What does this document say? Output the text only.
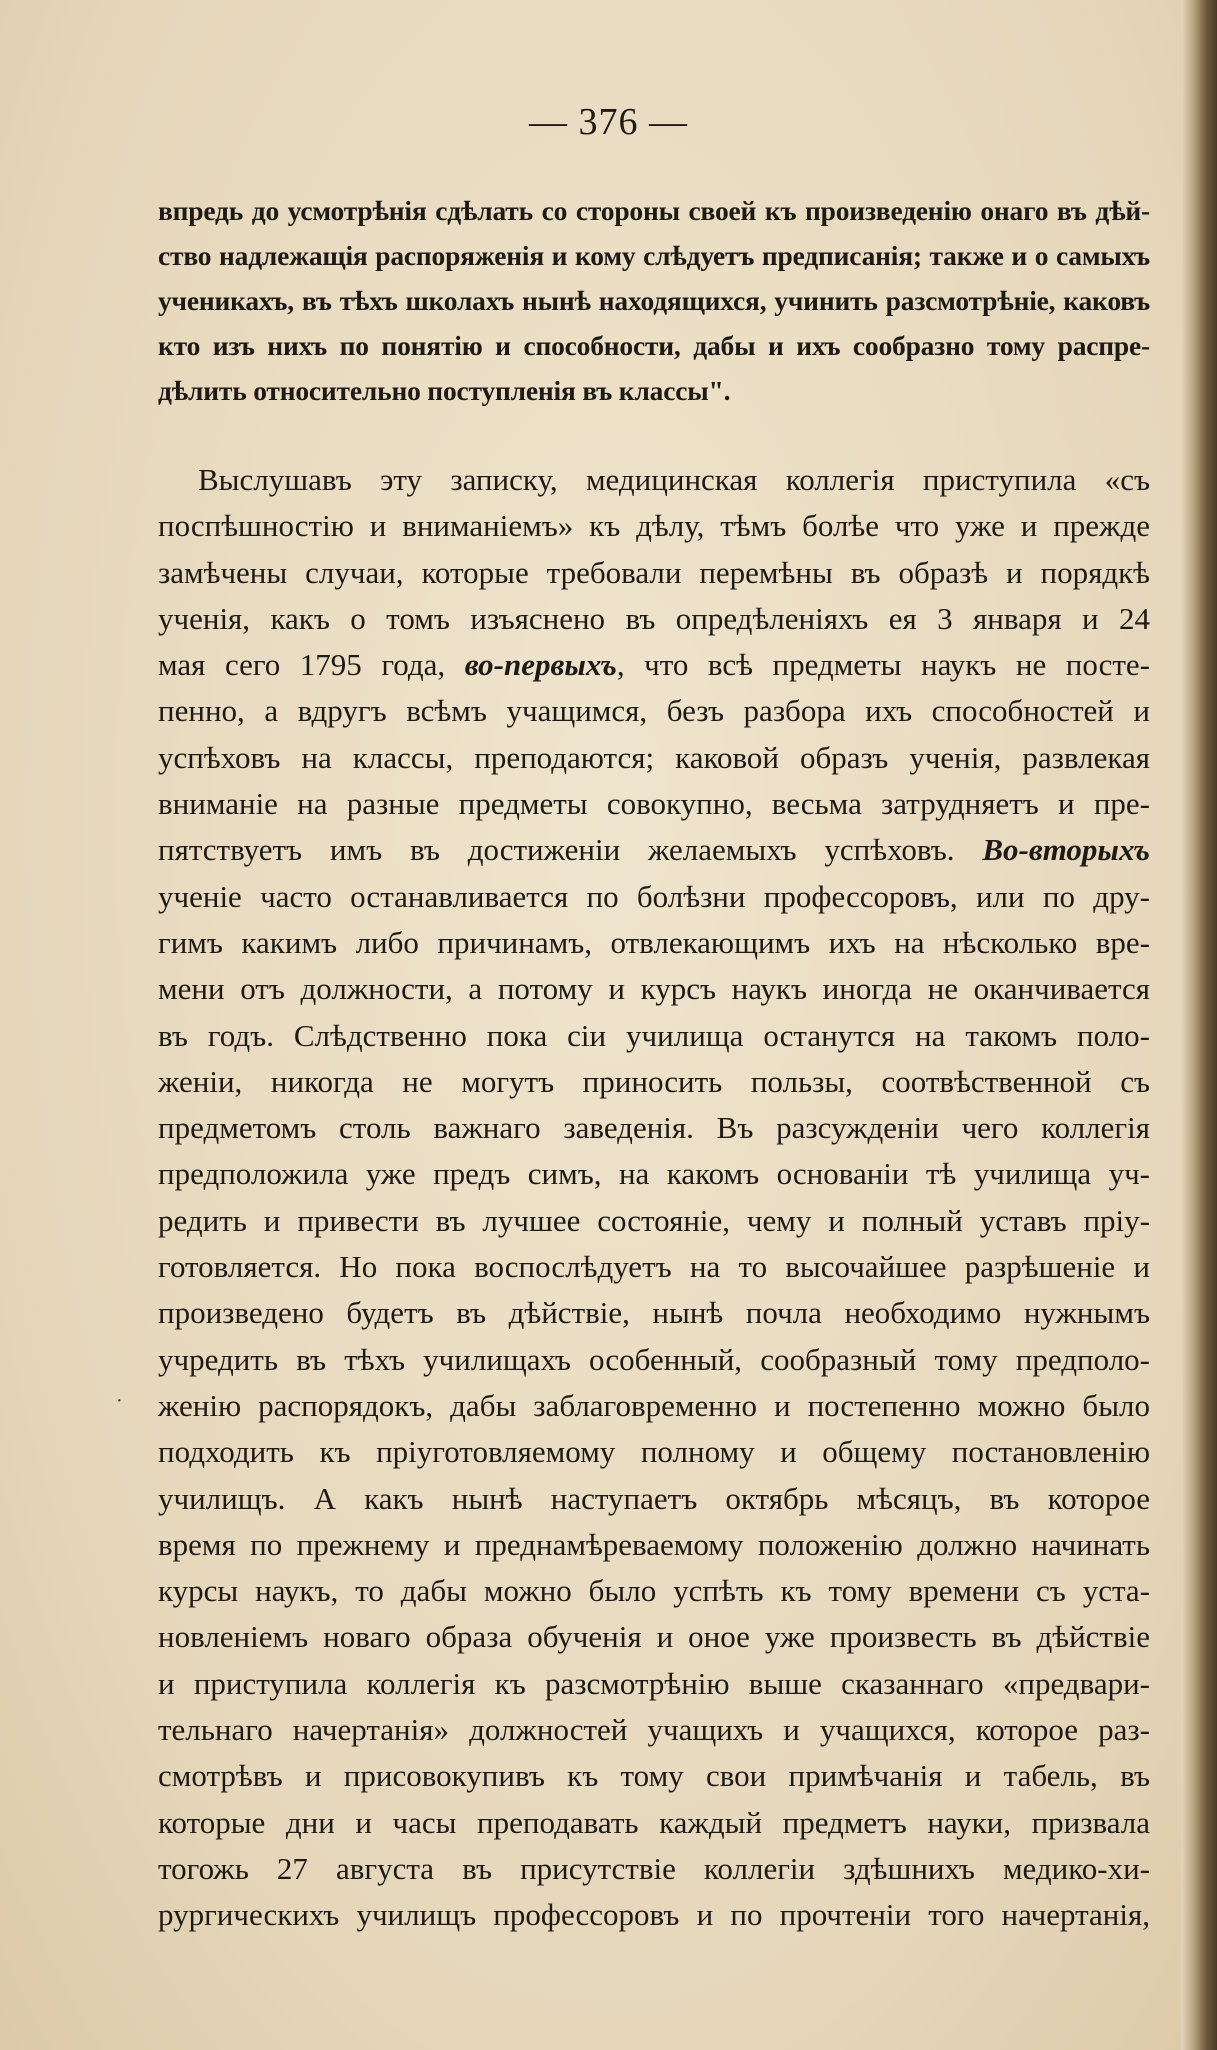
— 376 —
впредь до усмотрѣнія сдѣлать со стороны своей къ произведенію онаго въ дѣй-
ство надлежащія распоряженія и кому слѣдуетъ предписанія; также и о самыхъ
ученикахъ, въ тѣхъ школахъ нынѣ находящихся, учинить разсмотрѣніе, каковъ
кто изъ нихъ по понятію и способности, дабы и ихъ сообразно тому распре-
дѣлить относительно поступленія въ классы".
Выслушавъ эту записку, медицинская коллегія приступила «съ
поспѣшностію и вниманіемъ» къ дѣлу, тѣмъ болѣе что уже и прежде
замѣчены случаи, которые требовали перемѣны въ образѣ и порядкѣ
ученія, какъ о томъ изъяснено въ опредѣленіяхъ ея 3 января и 24
мая сего 1795 года, во-первыхъ, что всѣ предметы наукъ не посте-
пенно, а вдругъ всѣмъ учащимся, безъ разбора ихъ способностей и
успѣховъ на классы, преподаются; каковой образъ ученія, развлекая
вниманіе на разные предметы совокупно, весьма затрудняетъ и пре-
пятствуетъ имъ въ достиженіи желаемыхъ успѣховъ. Во-вторыхъ
ученіе часто останавливается по болѣзни профессоровъ, или по дру-
гимъ какимъ либо причинамъ, отвлекающимъ ихъ на нѣсколько вре-
мени отъ должности, а потому и курсъ наукъ иногда не оканчивается
въ годъ. Слѣдственно пока сіи училища останутся на такомъ поло-
женіи, никогда не могутъ приносить пользы, соотвѣственной съ
предметомъ столь важнаго заведенія. Въ разсужденіи чего коллегія
предположила уже предъ симъ, на какомъ основаніи тѣ училища уч-
редить и привести въ лучшее состояніе, чему и полный уставъ пріу-
готовляется. Но пока воспослѣдуетъ на то высочайшее разрѣшеніе и
произведено будетъ въ дѣйствіе, нынѣ почла необходимо нужнымъ
учредить въ тѣхъ училищахъ особенный, сообразный тому предполо-
женію распорядокъ, дабы заблаговременно и постепенно можно было
подходить къ пріуготовляемому полному и общему постановленію
училищъ. А какъ нынѣ наступаетъ октябрь мѣсяцъ, въ которое
время по прежнему и преднамѣреваемому положенію должно начинать
курсы наукъ, то дабы можно было успѣть къ тому времени съ уста-
новленіемъ новаго образа обученія и оное уже произвесть въ дѣйствіе
и приступила коллегія къ разсмотрѣнію выше сказаннаго «предвари-
тельнаго начертанія» должностей учащихъ и учащихся, которое раз-
смотрѣвъ и присовокупивъ къ тому свои примѣчанія и табель, въ
которые дни и часы преподавать каждый предметъ науки, призвала
тогожь 27 августа въ присутствіе коллегіи здѣшнихъ медико-хи-
рургическихъ училищъ профессоровъ и по прочтеніи того начертанія,
·
